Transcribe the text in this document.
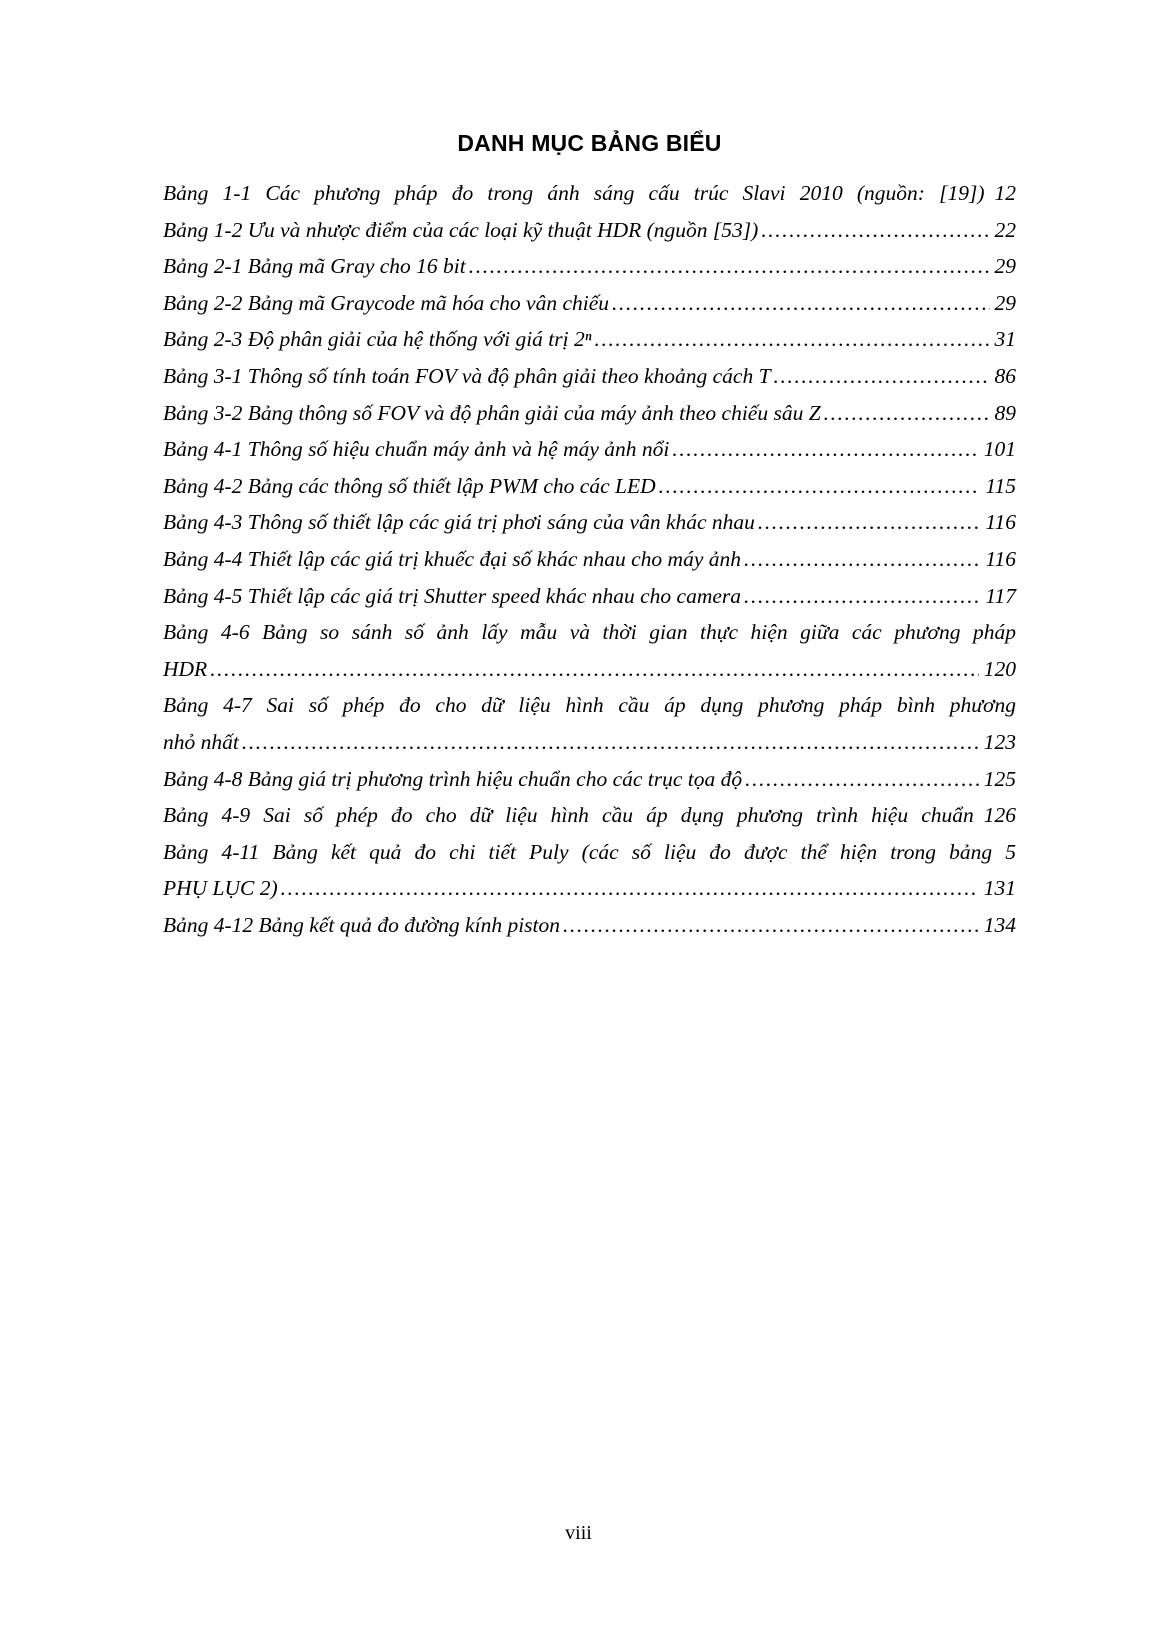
DANH MỤC BẢNG BIỂU
Bảng 1-1 Các phương pháp đo trong ánh sáng cấu trúc Slavi 2010 (nguồn: [19]) 12
Bảng 1-2 Ưu và nhược điểm của các loại kỹ thuật HDR (nguồn [53]) .....	22
Bảng 2-1 Bảng mã Gray cho 16 bit .....	29
Bảng 2-2 Bảng mã Graycode mã hóa cho vân chiếu .....	29
Bảng 2-3 Độ phân giải của hệ thống với giá trị 2ⁿ .....	31
Bảng 3-1 Thông số tính toán FOV và độ phân giải theo khoảng cách T .....	86
Bảng 3-2 Bảng thông số FOV và độ phân giải của máy ảnh theo chiếu sâu Z .....	89
Bảng 4-1 Thông số hiệu chuẩn máy ảnh và hệ máy ảnh nổi .....	101
Bảng 4-2 Bảng các thông số thiết lập PWM cho các LED .....	115
Bảng 4-3 Thông số thiết lập các giá trị phơi sáng của vân khác nhau .....	116
Bảng 4-4 Thiết lập các giá trị khuếc đại số khác nhau cho máy ảnh .....	116
Bảng 4-5 Thiết lập các giá trị Shutter speed khác nhau cho camera .....	117
Bảng 4-6 Bảng so sánh số ảnh lấy mẫu và thời gian thực hiện giữa các phương pháp
HDR .....	120
Bảng 4-7 Sai số phép đo cho dữ liệu hình cầu áp dụng phương pháp bình phương
nhỏ nhất .....	123
Bảng 4-8 Bảng giá trị phương trình hiệu chuẩn cho các trục tọa độ .....	125
Bảng 4-9 Sai số phép đo cho dữ liệu hình cầu áp dụng phương trình hiệu chuẩn 126
Bảng 4-11 Bảng kết quả đo chi tiết Puly (các số liệu đo được thể hiện trong bảng 5
PHỤ LỤC 2) .....	131
Bảng 4-12 Bảng kết quả đo đường kính piston .....	134
viii
